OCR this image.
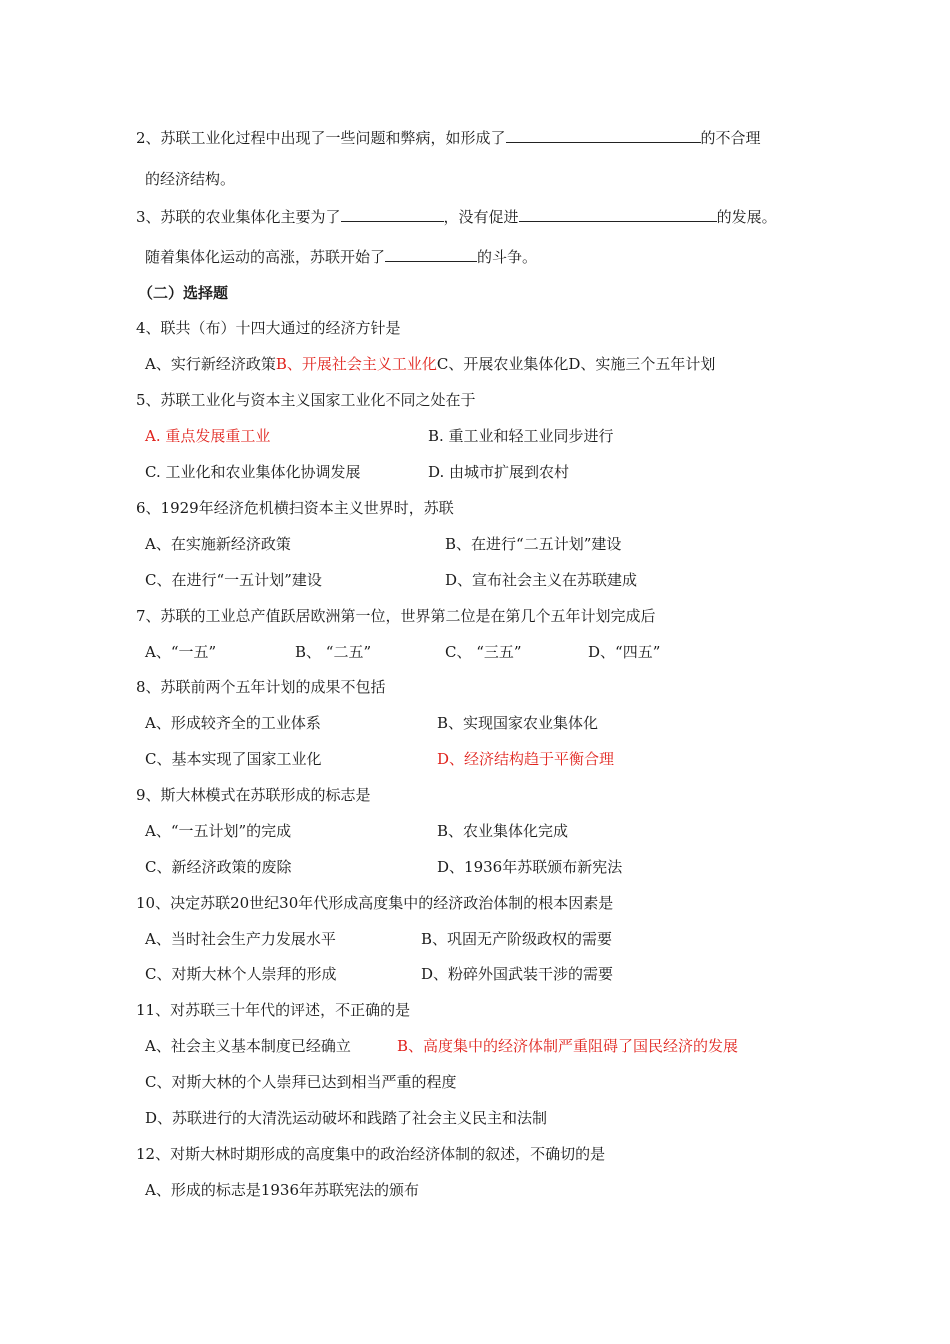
2、苏联工业化过程中出现了一些问题和弊病，如形成了	的不合理
的经济结构。
3、苏联的农业集体化主要为了	，没有促进	的发展。
随着集体化运动的高涨，苏联开始了	的斗争。
（二）选择题
4、联共（布）十四大通过的经济方针是
A、实行新经济政策B、开展社会主义工业化C、开展农业集体化D、实施三个五年计划
5、苏联工业化与资本主义国家工业化不同之处在于
A. 重点发展重工业	B. 重工业和轻工业同步进行
C. 工业化和农业集体化协调发展	D. 由城市扩展到农村
6、1929年经济危机横扫资本主义世界时，苏联
A、在实施新经济政策	B、在进行“二五计划”建设
C、在进行“一五计划”建设	D、宣布社会主义在苏联建成
7、苏联的工业总产值跃居欧洲第一位，世界第二位是在第几个五年计划完成后
A、“一五”	B、 “二五”	C、 “三五”	D、“四五”
8、苏联前两个五年计划的成果不包括
A、形成较齐全的工业体系	B、实现国家农业集体化
C、基本实现了国家工业化	D、经济结构趋于平衡合理
9、斯大林模式在苏联形成的标志是
A、“一五计划”的完成	B、农业集体化完成
C、新经济政策的废除	D、1936年苏联颁布新宪法
10、决定苏联20世纪30年代形成高度集中的经济政治体制的根本因素是
A、当时社会生产力发展水平	B、巩固无产阶级政权的需要
C、对斯大林个人崇拜的形成	D、粉碎外国武装干涉的需要
11、对苏联三十年代的评述，不正确的是
A、社会主义基本制度已经确立	B、高度集中的经济体制严重阻碍了国民经济的发展
C、对斯大林的个人崇拜已达到相当严重的程度
D、苏联进行的大清洗运动破坏和践踏了社会主义民主和法制
12、对斯大林时期形成的高度集中的政治经济体制的叙述，不确切的是
A、形成的标志是1936年苏联宪法的颁布
